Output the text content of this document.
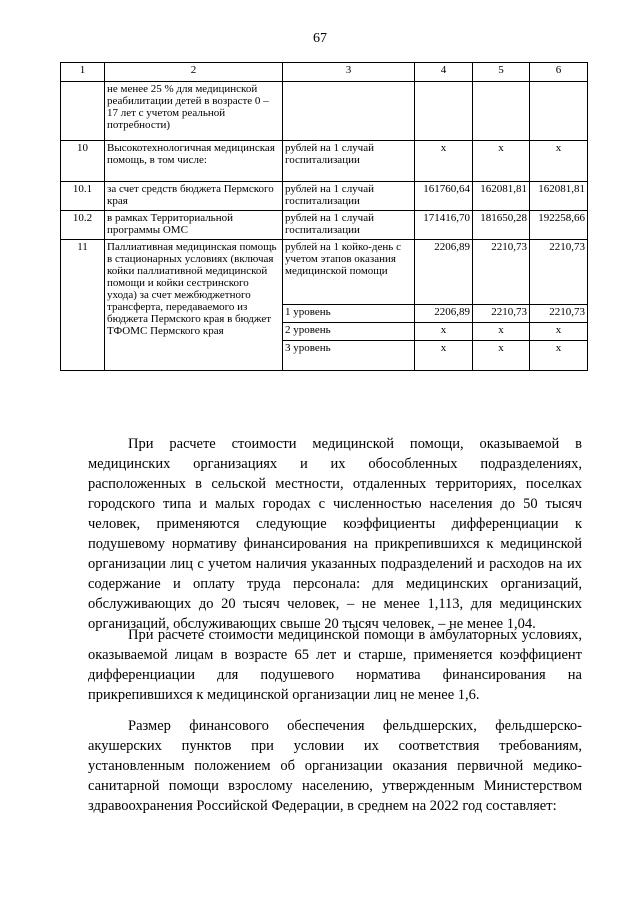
67
1	2	3	4	5	6
	не менее 25 % для медицинской реабилитации детей в возрасте 0 – 17 лет с учетом реальной потребности)				
10	Высокотехнологичная медицинская помощь, в том числе:	рублей на 1 случай госпитализации	х	х	х
10.1	за счет средств бюджета Пермского края	рублей на 1 случай госпитализации	161760,64	162081,81	162081,81
10.2	в рамках Территориальной программы ОМС	рублей на 1 случай госпитализации	171416,70	181650,28	192258,66
11	Паллиативная медицинская помощь в стационарных условиях (включая койки паллиативной медицинской помощи и койки сестринского ухода) за счет межбюджетного трансферта, передаваемого из бюджета Пермского края в бюджет ТФОМС Пермского края	рублей на 1 койко-день с учетом этапов оказания медицинской помощи	2206,89	2210,73	2210,73
		1 уровень	2206,89	2210,73	2210,73
		2 уровень	х	х	х
		3 уровень	х	х	х

При расчете стоимости медицинской помощи, оказываемой в медицинских организациях и их обособленных подразделениях, расположенных в сельской местности, отдаленных территориях, поселках городского типа и малых городах с численностью населения до 50 тысяч человек, применяются следующие коэффициенты дифференциации к подушевому нормативу финансирования на прикрепившихся к медицинской организации лиц с учетом наличия указанных подразделений и расходов на их содержание и оплату труда персонала: для медицинских организаций, обслуживающих до 20 тысяч человек, – не менее 1,113, для медицинских организаций, обслуживающих свыше 20 тысяч человек, – не менее 1,04.

При расчете стоимости медицинской помощи в амбулаторных условиях, оказываемой лицам в возрасте 65 лет и старше, применяется коэффициент дифференциации для подушевого норматива финансирования на прикрепившихся к медицинской организации лиц не менее 1,6.

Размер финансового обеспечения фельдшерских, фельдшерско-акушерских пунктов при условии их соответствия требованиям, установленным положением об организации оказания первичной медико-санитарной помощи взрослому населению, утвержденным Министерством здравоохранения Российской Федерации, в среднем на 2022 год составляет:
